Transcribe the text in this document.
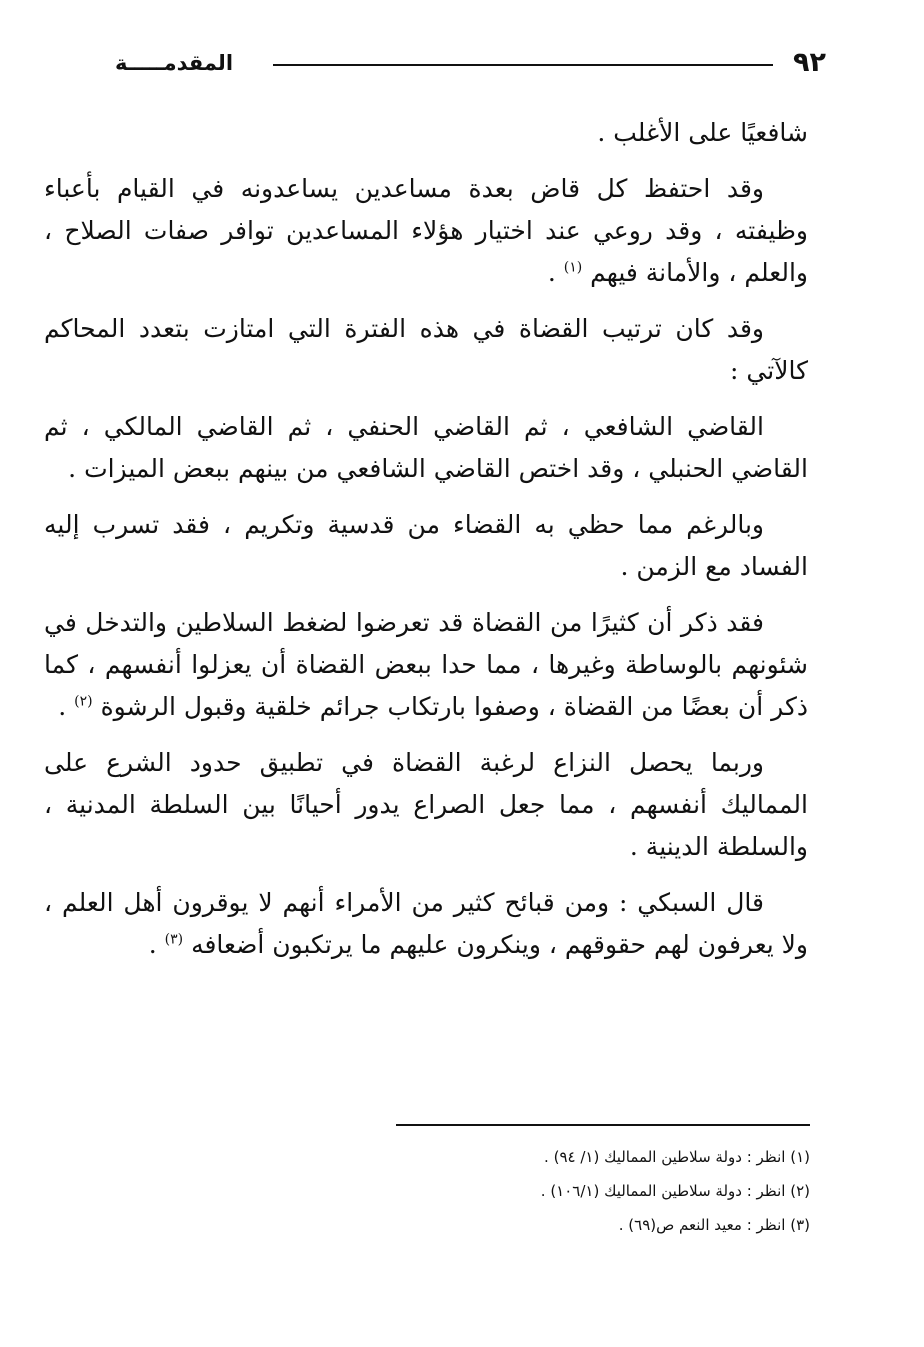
٩٢
المقدمـــــة

شافعيًا على الأغلب .

وقد احتفظ كل قاض بعدة مساعدين يساعدونه في القيام بأعباء وظيفته ، وقد روعي عند اختيار هؤلاء المساعدين توافر صفات الصلاح ، والعلم ، والأمانة فيهم $^{(١)}$ .

وقد كان ترتيب القضاة في هذه الفترة التي امتازت بتعدد المحاكم كالآتي :

القاضي الشافعي ، ثم القاضي الحنفي ، ثم القاضي المالكي ، ثم القاضي الحنبلي ، وقد اختص القاضي الشافعي من بينهم ببعض الميزات .

وبالرغم مما حظي به القضاء من قدسية وتكريم ، فقد تسرب إليه الفساد مع الزمن .

فقد ذكر أن كثيرًا من القضاة قد تعرضوا لضغط السلاطين والتدخل في شئونهم بالوساطة وغيرها ، مما حدا ببعض القضاة أن يعزلوا أنفسهم ، كما ذكر أن بعضًا من القضاة ، وصفوا بارتكاب جرائم خلقية وقبول الرشوة $^{(٢)}$ .

وربما يحصل النزاع لرغبة القضاة في تطبيق حدود الشرع على المماليك أنفسهم ، مما جعل الصراع يدور أحيانًا بين السلطة المدنية ، والسلطة الدينية .

قال السبكي : ومن قبائح كثير من الأمراء أنهم لا يوقرون أهل العلم ، ولا يعرفون لهم حقوقهم ، وينكرون عليهم ما يرتكبون أضعافه $^{(٣)}$ .

(١) انظر : دولة سلاطين المماليك (١/ ٩٤) .

(٢) انظر : دولة سلاطين المماليك (١٠٦/١) .

(٣) انظر : معيد النعم ص(٦٩) .
